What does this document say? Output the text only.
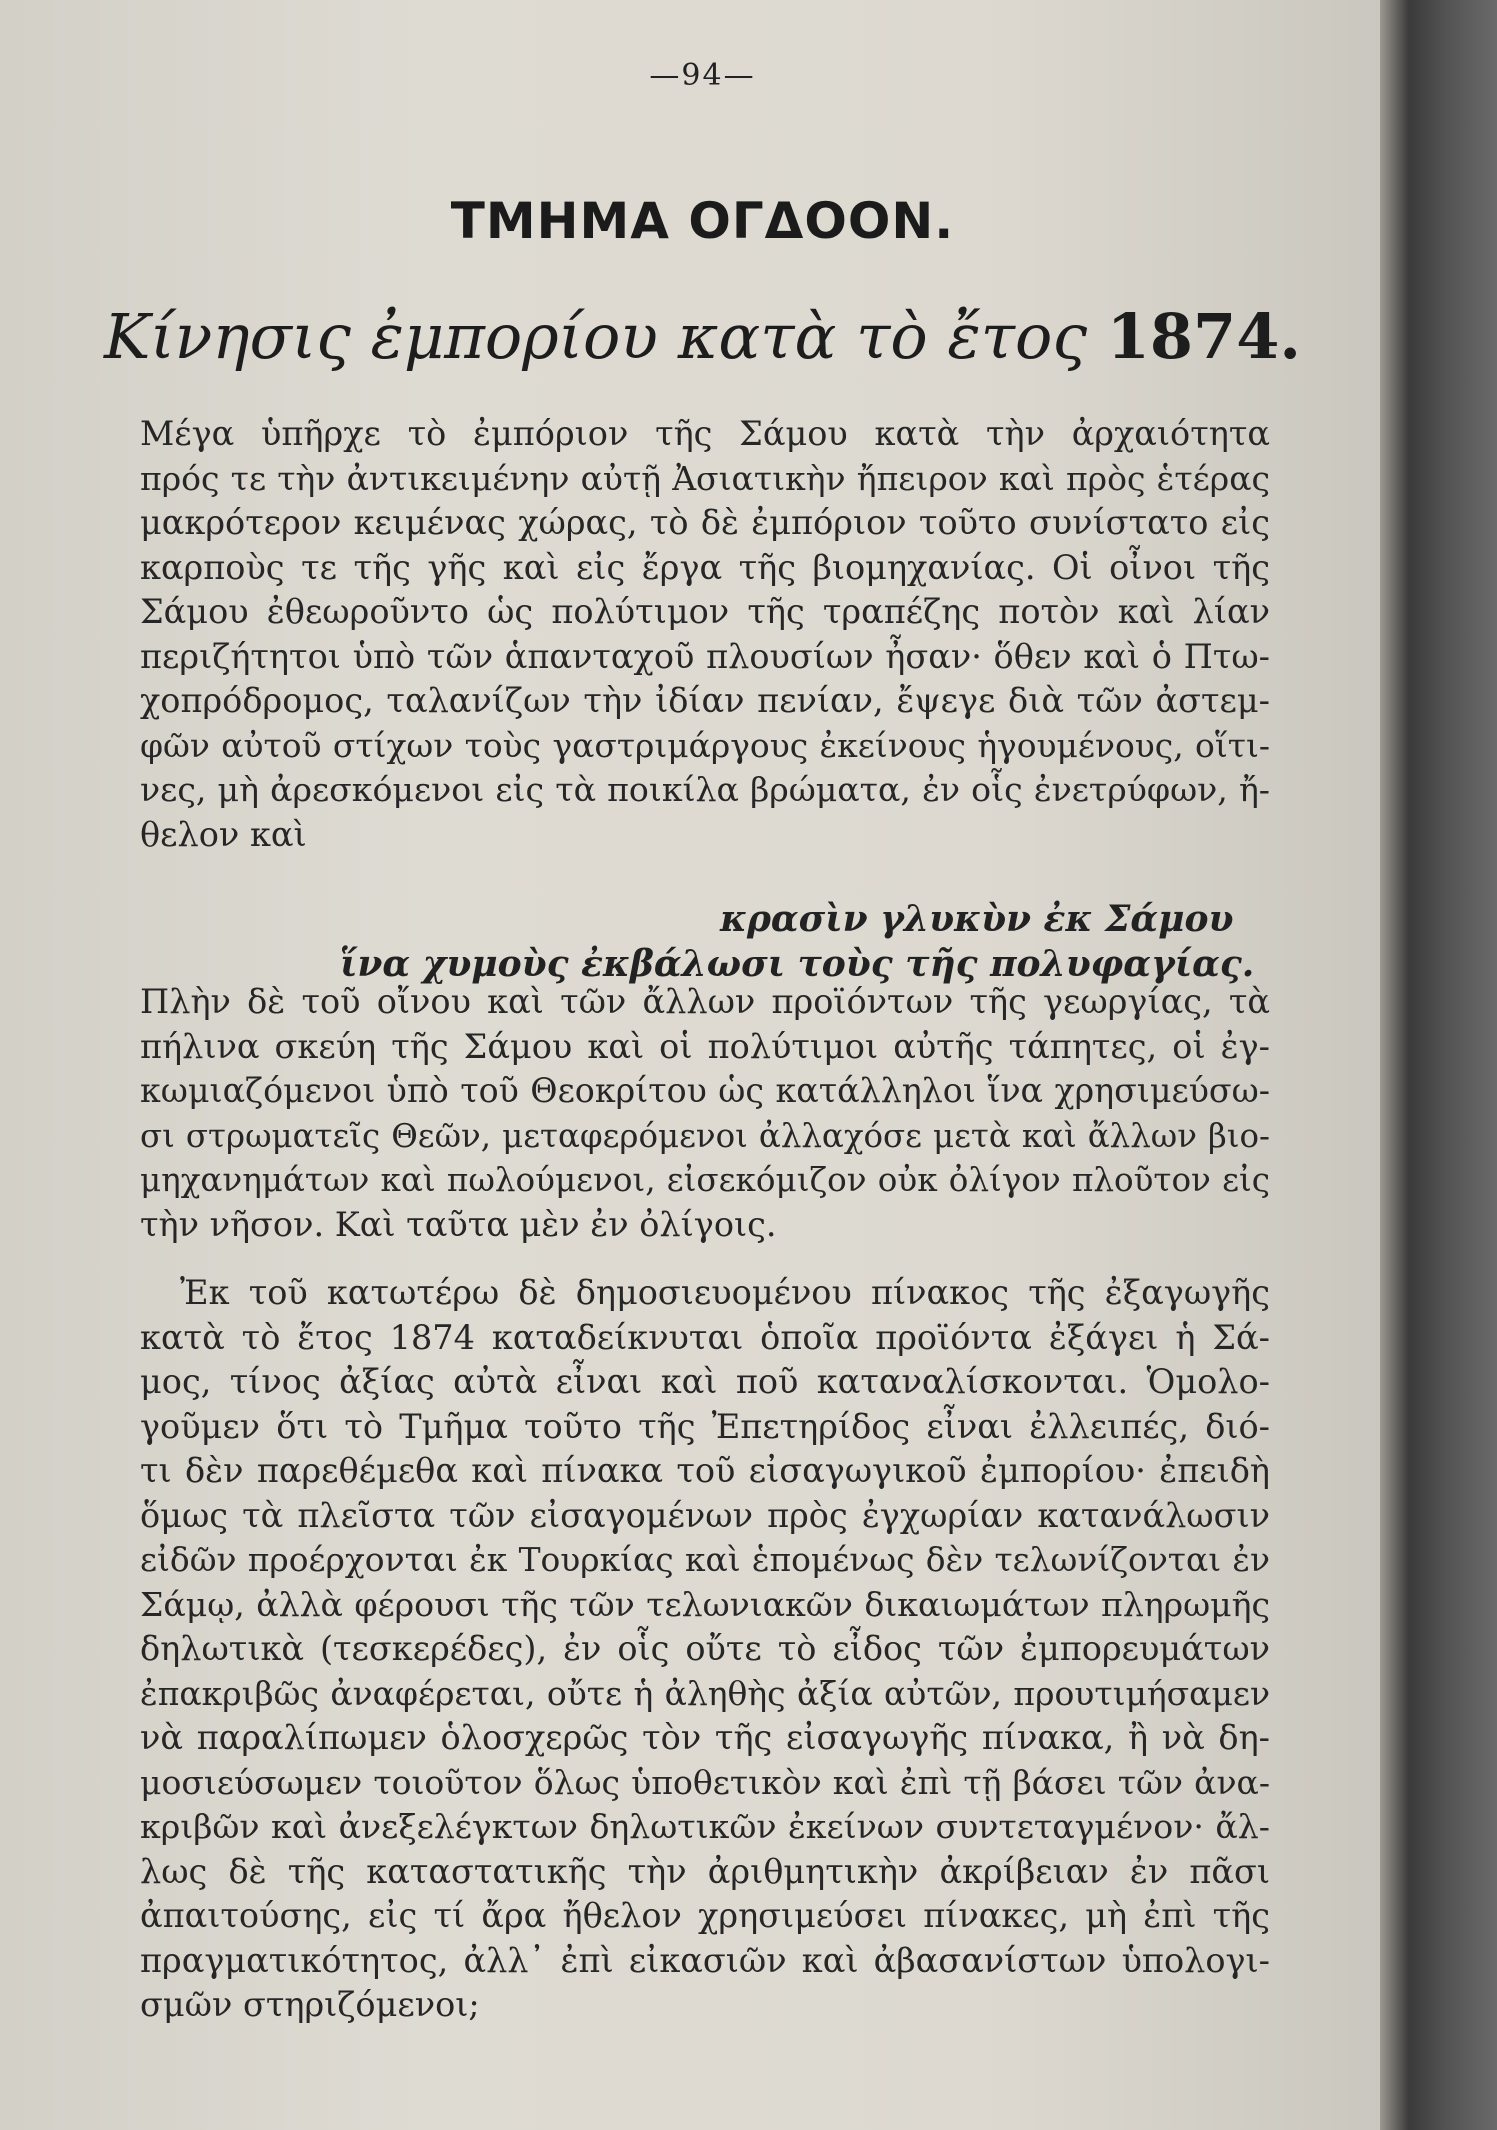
—94—
ΤΜΗΜΑ ΟΓΔΟΟΝ.
Κίνησις ἐμπορίου κατὰ τὸ ἔτος 1874.
Μέγα ὑπῆρχε τὸ ἐμπόριον τῆς Σάμου κατὰ τὴν ἀρχαιότητα
πρός τε τὴν ἀντικειμένην αὐτῇ Ἀσιατικὴν ἤπειρον καὶ πρὸς ἑτέρας
μακρότερον κειμένας χώρας, τὸ δὲ ἐμπόριον τοῦτο συνίστατο εἰς
καρποὺς τε τῆς γῆς καὶ εἰς ἔργα τῆς βιομηχανίας. Οἱ οἶνοι τῆς
Σάμου ἐθεωροῦντο ὡς πολύτιμον τῆς τραπέζης ποτὸν καὶ λίαν
περιζήτητοι ὑπὸ τῶν ἁπανταχοῦ πλουσίων ἦσαν· ὅθεν καὶ ὁ Πτω-
χοπρόδρομος, ταλανίζων τὴν ἰδίαν πενίαν, ἔψεγε διὰ τῶν ἀστεμ-
φῶν αὐτοῦ στίχων τοὺς γαστριμάργους ἐκείνους ἡγουμένους, οἵτι-
νες, μὴ ἀρεσκόμενοι εἰς τὰ ποικίλα βρώματα, ἐν οἷς ἐνετρύφων, ἤ-
θελον καὶ
κρασὶν γλυκὺν ἐκ Σάμου
ἵνα χυμοὺς ἐκβάλωσι τοὺς τῆς πολυφαγίας.
Πλὴν δὲ τοῦ οἴνου καὶ τῶν ἄλλων προϊόντων τῆς γεωργίας, τὰ
πήλινα σκεύη τῆς Σάμου καὶ οἱ πολύτιμοι αὐτῆς τάπητες, οἱ ἐγ-
κωμιαζόμενοι ὑπὸ τοῦ Θεοκρίτου ὡς κατάλληλοι ἵνα χρησιμεύσω-
σι στρωματεῖς Θεῶν, μεταφερόμενοι ἀλλαχόσε μετὰ καὶ ἄλλων βιο-
μηχανημάτων καὶ πωλούμενοι, εἰσεκόμιζον οὐκ ὀλίγον πλοῦτον εἰς
τὴν νῆσον. Καὶ ταῦτα μὲν ἐν ὀλίγοις.
Ἐκ τοῦ κατωτέρω δὲ δημοσιευομένου πίνακος τῆς ἐξαγωγῆς
κατὰ τὸ ἔτος 1874 καταδείκνυται ὁποῖα προϊόντα ἐξάγει ἡ Σά-
μος, τίνος ἀξίας αὐτὰ εἶναι καὶ ποῦ καταναλίσκονται. Ὁμολο-
γοῦμεν ὅτι τὸ Τμῆμα τοῦτο τῆς Ἐπετηρίδος εἶναι ἐλλειπές, διό-
τι δὲν παρεθέμεθα καὶ πίνακα τοῦ εἰσαγωγικοῦ ἐμπορίου· ἐπειδὴ
ὅμως τὰ πλεῖστα τῶν εἰσαγομένων πρὸς ἐγχωρίαν κατανάλωσιν
εἰδῶν προέρχονται ἐκ Τουρκίας καὶ ἑπομένως δὲν τελωνίζονται ἐν
Σάμῳ, ἀλλὰ φέρουσι τῆς τῶν τελωνιακῶν δικαιωμάτων πληρωμῆς
δηλωτικὰ (τεσκερέδες), ἐν οἷς οὔτε τὸ εἶδος τῶν ἐμπορευμάτων
ἐπακριβῶς ἀναφέρεται, οὔτε ἡ ἀληθὴς ἀξία αὐτῶν, προυτιμήσαμεν
νὰ παραλίπωμεν ὁλοσχερῶς τὸν τῆς εἰσαγωγῆς πίνακα, ἢ νὰ δη-
μοσιεύσωμεν τοιοῦτον ὅλως ὑποθετικὸν καὶ ἐπὶ τῇ βάσει τῶν ἀνα-
κριβῶν καὶ ἀνεξελέγκτων δηλωτικῶν ἐκείνων συντεταγμένον· ἄλ-
λως δὲ τῆς καταστατικῆς τὴν ἀριθμητικὴν ἀκρίβειαν ἐν πᾶσι
ἀπαιτούσης, εἰς τί ἄρα ἤθελον χρησιμεύσει πίνακες, μὴ ἐπὶ τῆς
πραγματικότητος, ἀλλ᾽ ἐπὶ εἰκασιῶν καὶ ἀβασανίστων ὑπολογι-
σμῶν στηριζόμενοι;
